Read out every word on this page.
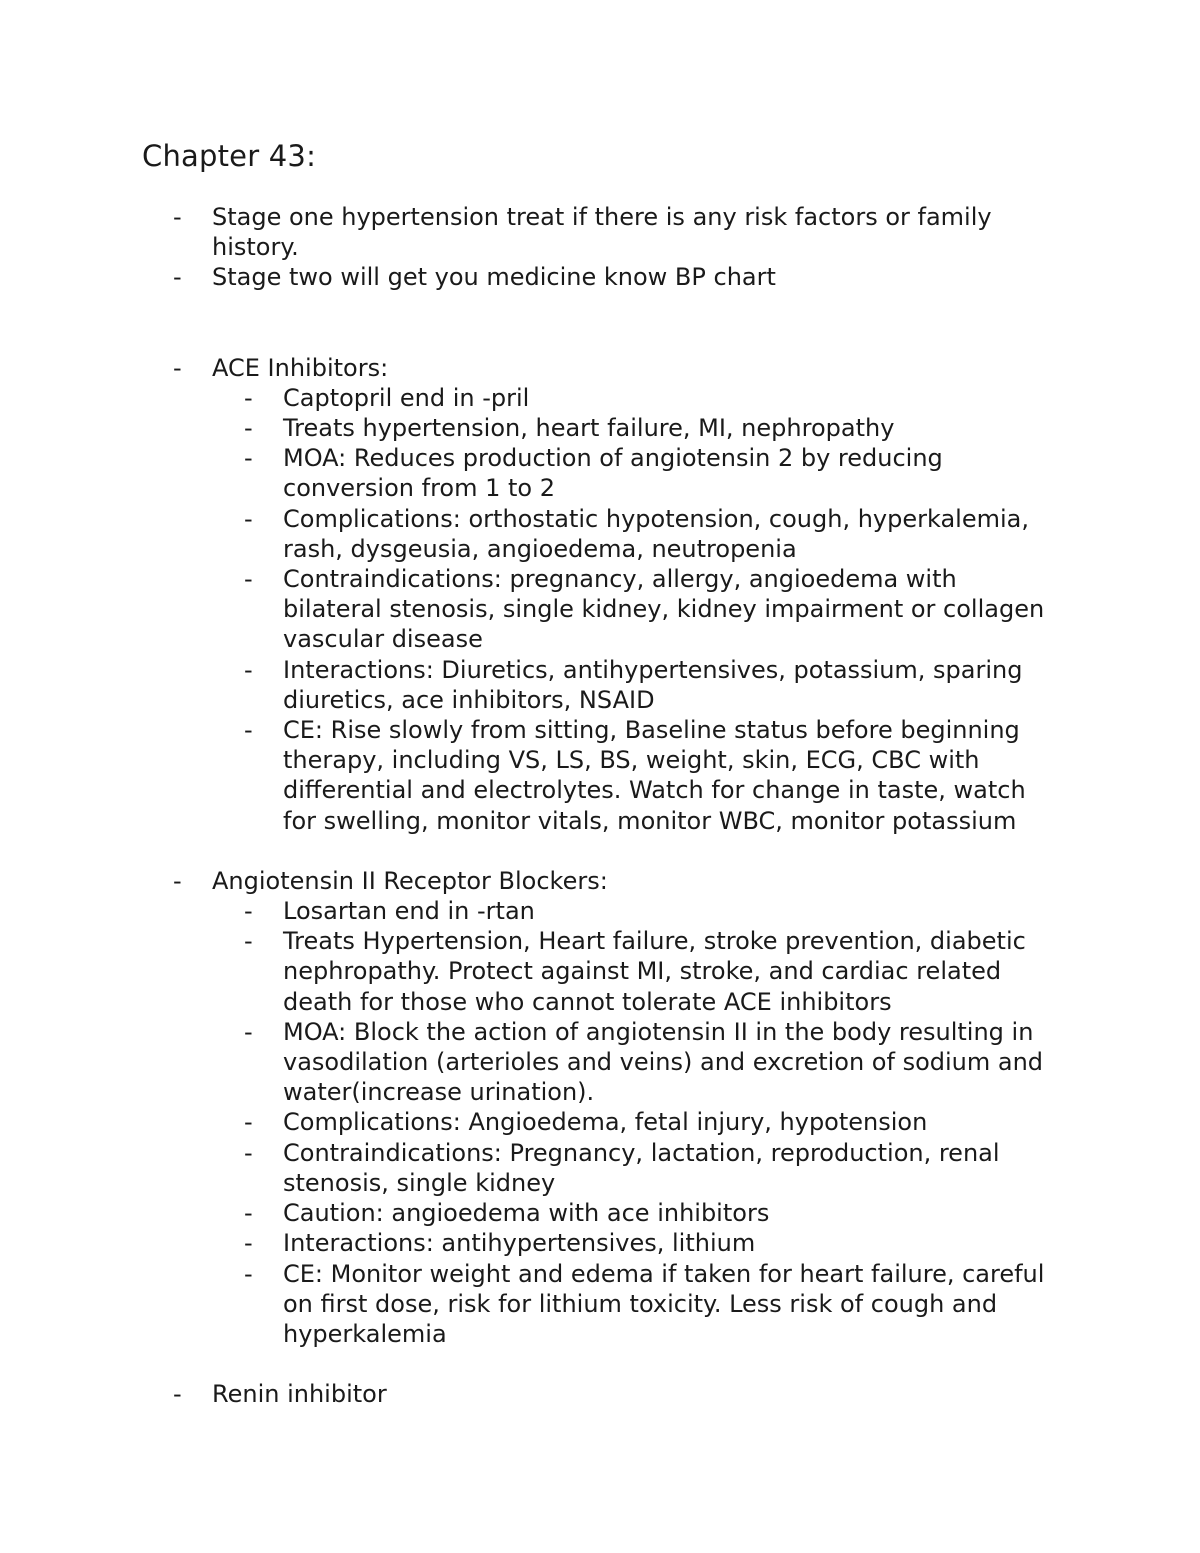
Chapter 43:
-	Stage one hypertension treat if there is any risk factors or family history.
-	Stage two will get you medicine know BP chart
-	ACE Inhibitors:
-	Captopril end in -pril
-	Treats hypertension, heart failure, MI, nephropathy
-	MOA: Reduces production of angiotensin 2 by reducing conversion from 1 to 2
-	Complications: orthostatic hypotension, cough, hyperkalemia, rash, dysgeusia, angioedema, neutropenia
-	Contraindications: pregnancy, allergy, angioedema with bilateral stenosis, single kidney, kidney impairment or collagen vascular disease
-	Interactions: Diuretics, antihypertensives, potassium, sparing diuretics, ace inhibitors, NSAID
-	CE: Rise slowly from sitting, Baseline status before beginning therapy, including VS, LS, BS, weight, skin, ECG, CBC with differential and electrolytes. Watch for change in taste, watch for swelling, monitor vitals, monitor WBC, monitor potassium
-	Angiotensin II Receptor Blockers:
-	Losartan end in -rtan
-	Treats Hypertension, Heart failure, stroke prevention, diabetic nephropathy. Protect against MI, stroke, and cardiac related death for those who cannot tolerate ACE inhibitors
-	MOA: Block the action of angiotensin II in the body resulting in vasodilation (arterioles and veins) and excretion of sodium and water(increase urination).
-	Complications: Angioedema, fetal injury, hypotension
-	Contraindications: Pregnancy, lactation, reproduction, renal stenosis, single kidney
-	Caution: angioedema with ace inhibitors
-	Interactions: antihypertensives, lithium
-	CE: Monitor weight and edema if taken for heart failure, careful on first dose, risk for lithium toxicity. Less risk of cough and hyperkalemia
-	Renin inhibitor
